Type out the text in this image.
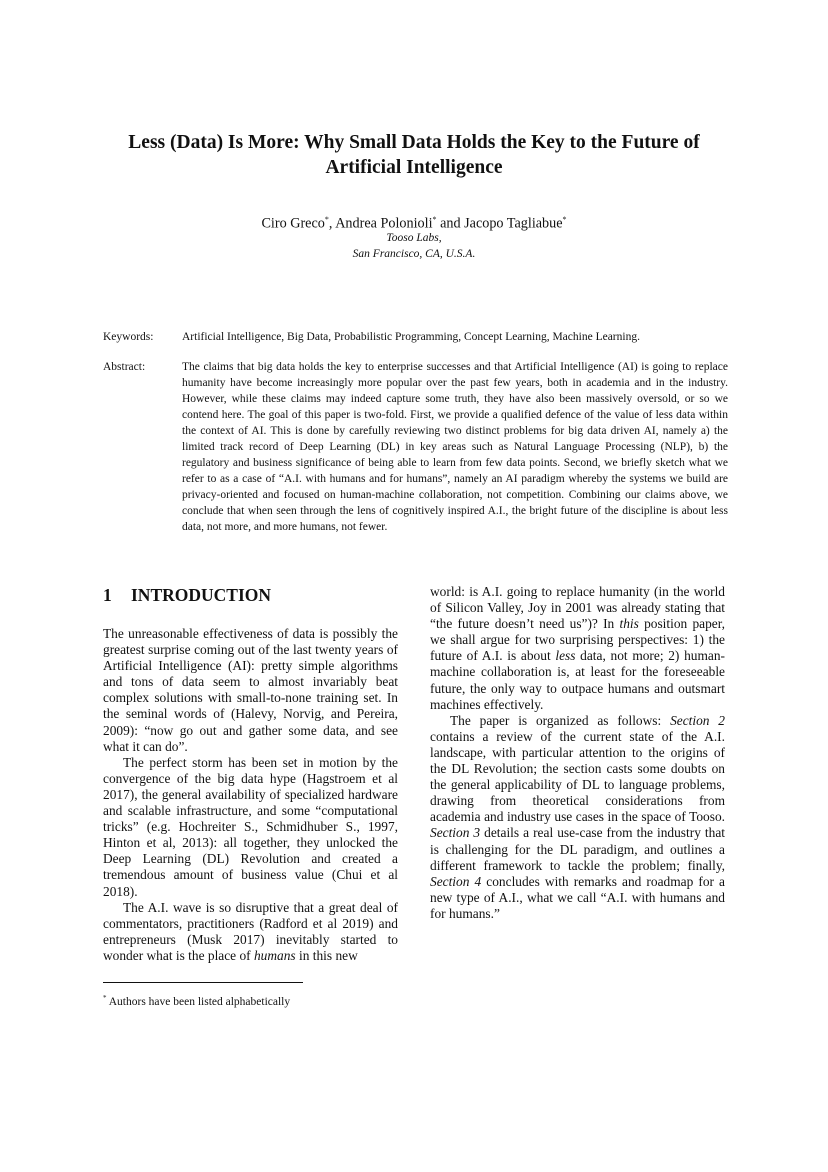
Less (Data) Is More: Why Small Data Holds the Key to the Future of Artificial Intelligence
Ciro Greco*, Andrea Polonioli* and Jacopo Tagliabue*
Tooso Labs,
San Francisco, CA, U.S.A.
Keywords:	Artificial Intelligence, Big Data, Probabilistic Programming, Concept Learning, Machine Learning.
Abstract:	The claims that big data holds the key to enterprise successes and that Artificial Intelligence (AI) is going to replace humanity have become increasingly more popular over the past few years, both in academia and in the industry. However, while these claims may indeed capture some truth, they have also been massively oversold, or so we contend here. The goal of this paper is two-fold. First, we provide a qualified defence of the value of less data within the context of AI. This is done by carefully reviewing two distinct problems for big data driven AI, namely a) the limited track record of Deep Learning (DL) in key areas such as Natural Language Processing (NLP), b) the regulatory and business significance of being able to learn from few data points. Second, we briefly sketch what we refer to as a case of “A.I. with humans and for humans”, namely an AI paradigm whereby the systems we build are privacy-oriented and focused on human-machine collaboration, not competition. Combining our claims above, we conclude that when seen through the lens of cognitively inspired A.I., the bright future of the discipline is about less data, not more, and more humans, not fewer.
1 INTRODUCTION

The unreasonable effectiveness of data is possibly the greatest surprise coming out of the last twenty years of Artificial Intelligence (AI): pretty simple algorithms and tons of data seem to almost invariably beat complex solutions with small-to-none training set. In the seminal words of (Halevy, Norvig, and Pereira, 2009): “now go out and gather some data, and see what it can do”.

The perfect storm has been set in motion by the convergence of the big data hype (Hagstroem et al 2017), the general availability of specialized hardware and scalable infrastructure, and some “computational tricks” (e.g. Hochreiter S., Schmidhuber S., 1997, Hinton et al, 2013): all together, they unlocked the Deep Learning (DL) Revolution and created a tremendous amount of business value (Chui et al 2018).

The A.I. wave is so disruptive that a great deal of commentators, practitioners (Radford et al 2019) and entrepreneurs (Musk 2017) inevitably started to wonder what is the place of humans in this new

world: is A.I. going to replace humanity (in the world of Silicon Valley, Joy in 2001 was already stating that “the future doesn’t need us”)? In this position paper, we shall argue for two surprising perspectives: 1) the future of A.I. is about less data, not more; 2) human-machine collaboration is, at least for the foreseeable future, the only way to outpace humans and outsmart machines effectively.

The paper is organized as follows: Section 2 contains a review of the current state of the A.I. landscape, with particular attention to the origins of the DL Revolution; the section casts some doubts on the general applicability of DL to language problems, drawing from theoretical considerations from academia and industry use cases in the space of Tooso. Section 3 details a real use-case from the industry that is challenging for the DL paradigm, and outlines a different framework to tackle the problem; finally, Section 4 concludes with remarks and roadmap for a new type of A.I., what we call “A.I. with humans and for humans.”

* Authors have been listed alphabetically
